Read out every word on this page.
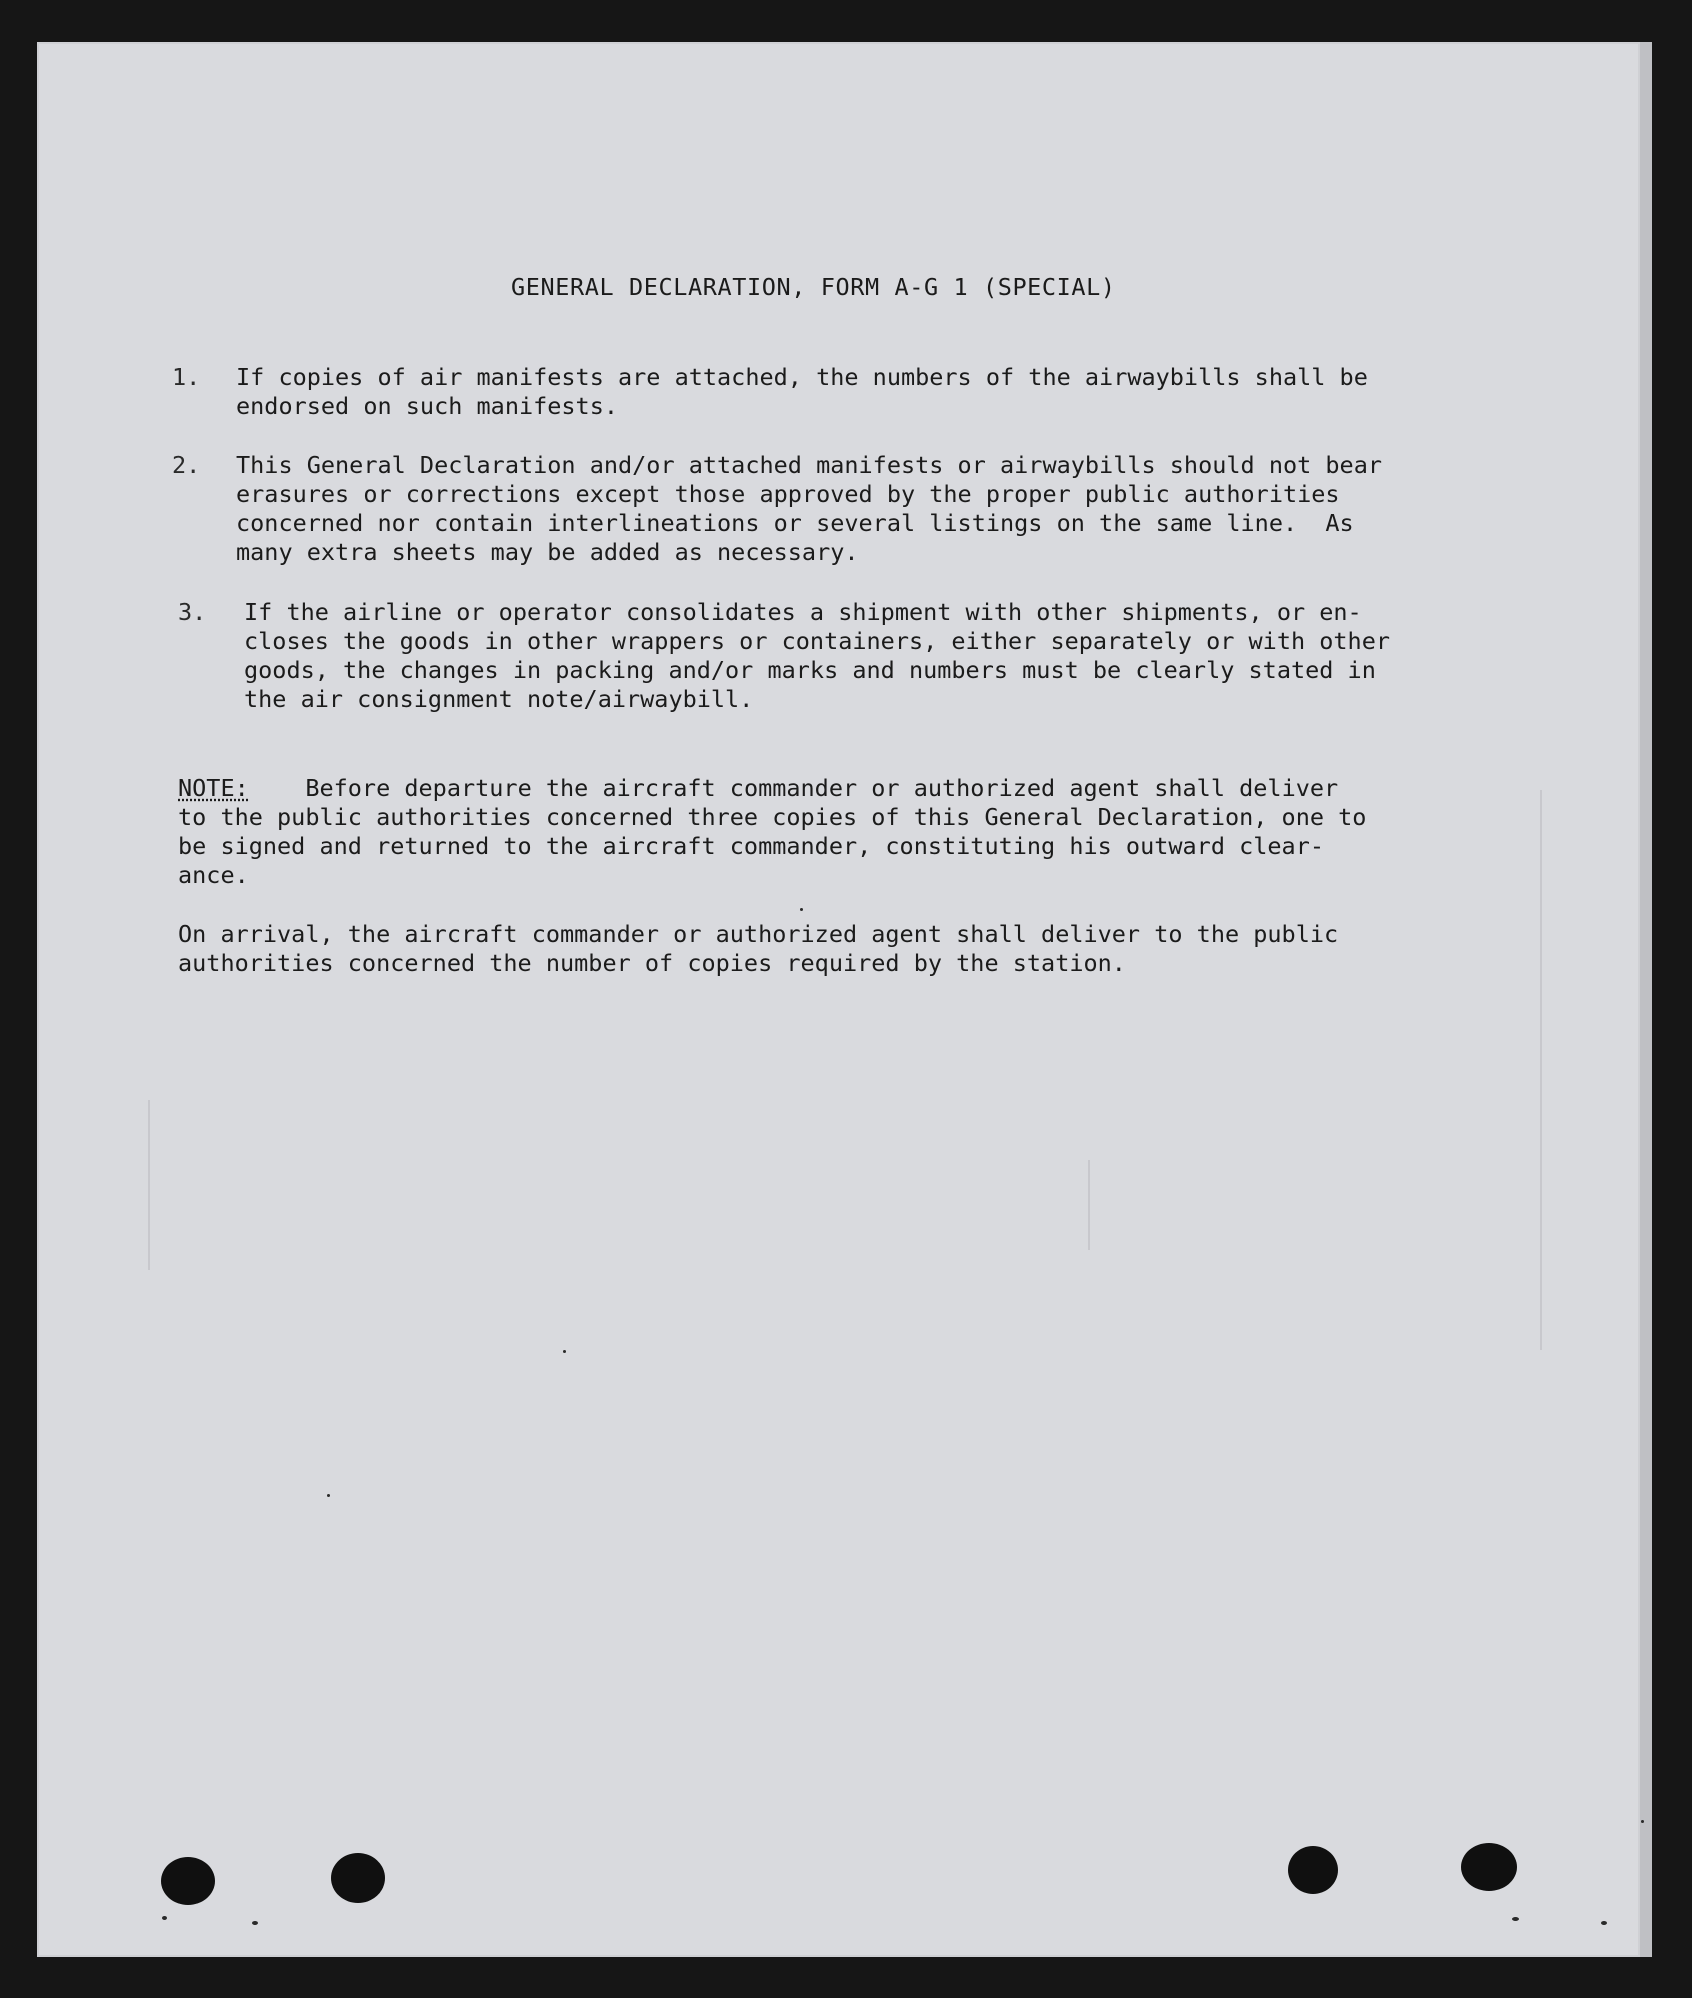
GENERAL DECLARATION, FORM A-G 1 (SPECIAL)
1. If copies of air manifests are attached, the numbers of the airwaybills shall be
endorsed on such manifests.
2. This General Declaration and/or attached manifests or airwaybills should not bear
erasures or corrections except those approved by the proper public authorities
concerned nor contain interlineations or several listings on the same line.  As
many extra sheets may be added as necessary.
3. If the airline or operator consolidates a shipment with other shipments, or en-
closes the goods in other wrappers or containers, either separately or with other
goods, the changes in packing and/or marks and numbers must be clearly stated in
the air consignment note/airwaybill.
NOTE: Before departure the aircraft commander or authorized agent shall deliver
to the public authorities concerned three copies of this General Declaration, one to
be signed and returned to the aircraft commander, constituting his outward clear-
ance.
On arrival, the aircraft commander or authorized agent shall deliver to the public
authorities concerned the number of copies required by the station.
